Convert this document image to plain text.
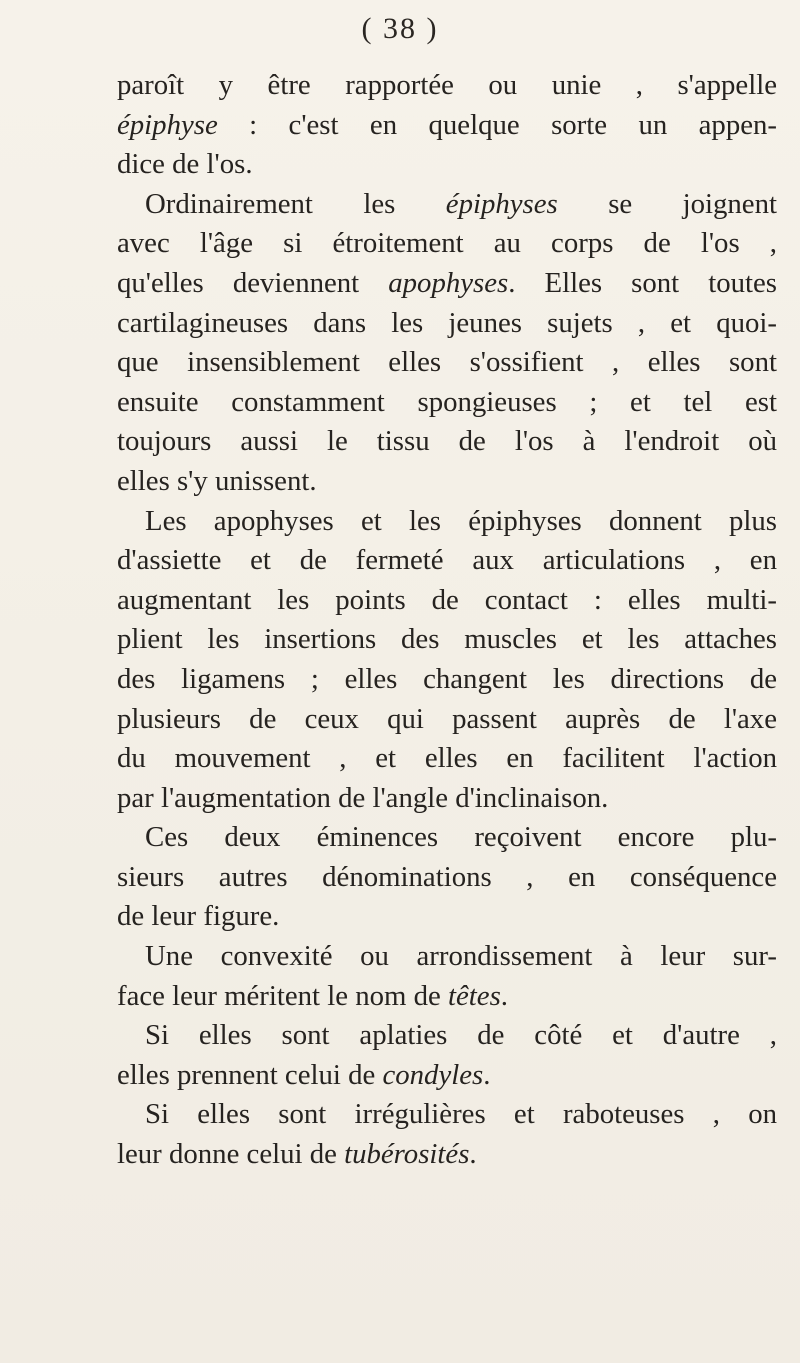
( 38 )
paroît y être rapportée ou unie , s'appelle
épiphyse : c'est en quelque sorte un appen-
dice de l'os.
Ordinairement les épiphyses se joignent
avec l'âge si étroitement au corps de l'os ,
qu'elles deviennent apophyses. Elles sont toutes
cartilagineuses dans les jeunes sujets , et quoi-
que insensiblement elles s'ossifient , elles sont
ensuite constamment spongieuses ; et tel est
toujours aussi le tissu de l'os à l'endroit où
elles s'y unissent.
Les apophyses et les épiphyses donnent plus
d'assiette et de fermeté aux articulations , en
augmentant les points de contact : elles multi-
plient les insertions des muscles et les attaches
des ligamens ; elles changent les directions de
plusieurs de ceux qui passent auprès de l'axe
du mouvement , et elles en facilitent l'action
par l'augmentation de l'angle d'inclinaison.
Ces deux éminences reçoivent encore plu-
sieurs autres dénominations , en conséquence
de leur figure.
Une convexité ou arrondissement à leur sur-
face leur méritent le nom de têtes.
Si elles sont aplaties de côté et d'autre ,
elles prennent celui de condyles.
Si elles sont irrégulières et raboteuses , on
leur donne celui de tubérosités.
